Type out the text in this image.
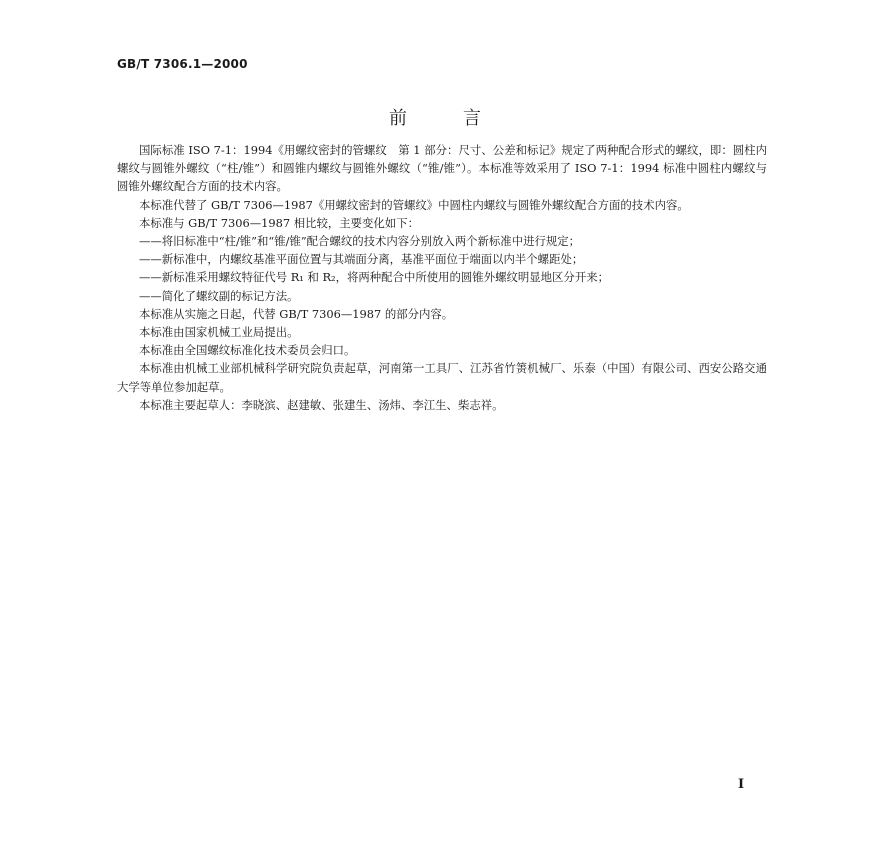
GB/T 7306.1—2000
前言

国际标准 ISO 7-1：1994《用螺纹密封的管螺纹　第 1 部分：尺寸、公差和标记》规定了两种配合形式的螺纹，即：圆柱内螺纹与圆锥外螺纹（“柱/锥”）和圆锥内螺纹与圆锥外螺纹（“锥/锥”）。本标准等效采用了 ISO 7-1：1994 标准中圆柱内螺纹与圆锥外螺纹配合方面的技术内容。

本标准代替了 GB/T 7306—1987《用螺纹密封的管螺纹》中圆柱内螺纹与圆锥外螺纹配合方面的技术内容。

本标准与 GB/T 7306—1987 相比较，主要变化如下：

——将旧标准中“柱/锥”和“锥/锥”配合螺纹的技术内容分别放入两个新标准中进行规定；

——新标准中，内螺纹基准平面位置与其端面分离，基准平面位于端面以内半个螺距处；

——新标准采用螺纹特征代号 R₁ 和 R₂，将两种配合中所使用的圆锥外螺纹明显地区分开来；

——简化了螺纹副的标记方法。

本标准从实施之日起，代替 GB/T 7306—1987 的部分内容。

本标准由国家机械工业局提出。

本标准由全国螺纹标准化技术委员会归口。

本标准由机械工业部机械科学研究院负责起草，河南第一工具厂、江苏省竹箦机械厂、乐泰（中国）有限公司、西安公路交通大学等单位参加起草。

本标准主要起草人：李晓滨、赵建敏、张建生、汤炜、李江生、柴志祥。

I
